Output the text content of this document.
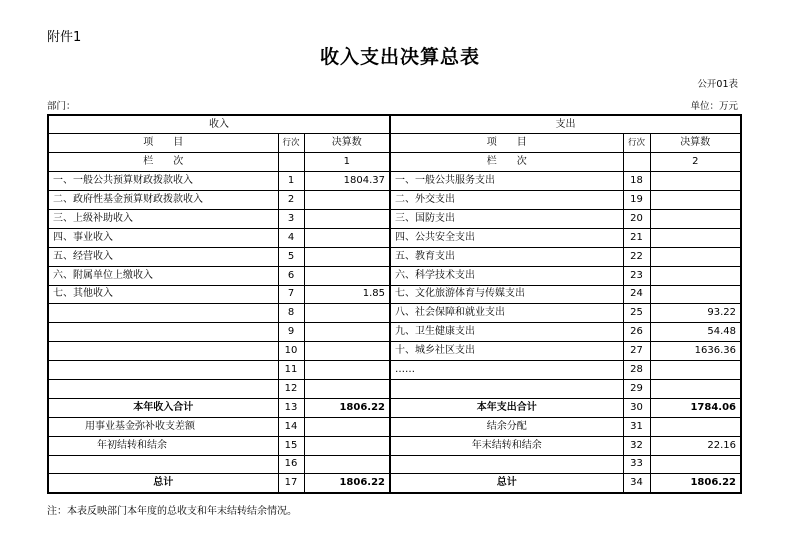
附件1
收入支出决算总表
公开01表
部门：	单位：万元
收入			支出		
项　　目	行次	决算数	项　　目	行次	决算数
栏　　次		1	栏　　次		2
一、一般公共预算财政拨款收入	1	1804.37	一、一般公共服务支出	18	
二、政府性基金预算财政拨款收入	2		二、外交支出	19	
三、上级补助收入	3		三、国防支出	20	
四、事业收入	4		四、公共安全支出	21	
五、经营收入	5		五、教育支出	22	
六、附属单位上缴收入	6		六、科学技术支出	23	
七、其他收入	7	1.85	七、文化旅游体育与传媒支出	24	
	8		八、社会保障和就业支出	25	93.22
	9		九、卫生健康支出	26	54.48
	10		十、城乡社区支出	27	1636.36
	11		……	28	
	12			29	
本年收入合计	13	1806.22	本年支出合计	30	1784.06
用事业基金弥补收支差额	14		结余分配	31	
年初结转和结余	15		年末结转和结余	32	22.16
	16			33	
总计	17	1806.22	总计	34	1806.22
注：本表反映部门本年度的总收支和年末结转结余情况。
